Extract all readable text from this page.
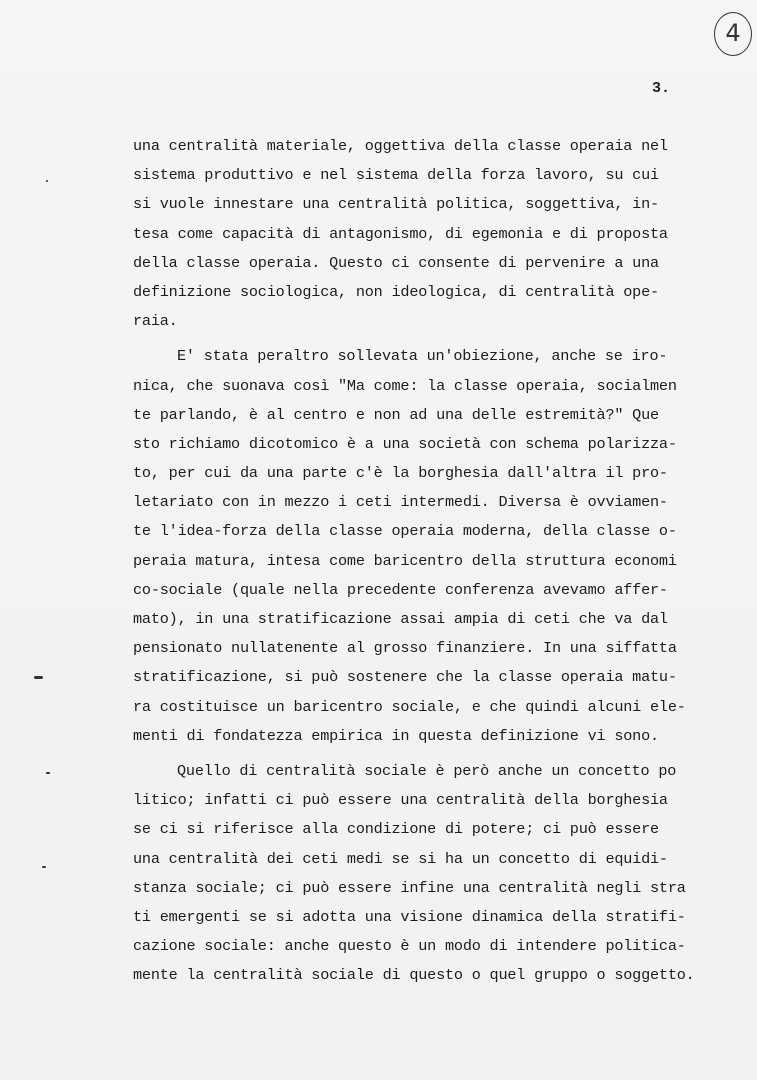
4
3.
una centralità materiale, oggettiva della classe operaia nel
sistema produttivo e nel sistema della forza lavoro, su cui
si vuole innestare una centralità politica, soggettiva, in-
tesa come capacità di antagonismo, di egemonia e di proposta
della classe operaia. Questo ci consente di pervenire a una
definizione sociologica, non ideologica, di centralità ope-
raia.
E' stata peraltro sollevata un'obiezione, anche se iro-
nica, che suonava così "Ma come: la classe operaia, socialmen
te parlando, è al centro e non ad una delle estremità?" Que
sto richiamo dicotomico è a una società con schema polarizza-
to, per cui da una parte c'è la borghesia dall'altra il pro-
letariato con in mezzo i ceti intermedi. Diversa è ovviamen-
te l'idea-forza della classe operaia moderna, della classe o-
peraia matura, intesa come baricentro della struttura economi
co-sociale (quale nella precedente conferenza avevamo affer-
mato), in una stratificazione assai ampia di ceti che va dal
pensionato nullatenente al grosso finanziere. In una siffatta
stratificazione, si può sostenere che la classe operaia matu-
ra costituisce un baricentro sociale, e che quindi alcuni ele-
menti di fondatezza empirica in questa definizione vi sono.
Quello di centralità sociale è però anche un concetto po
litico; infatti ci può essere una centralità della borghesia
se ci si riferisce alla condizione di potere; ci può essere
una centralità dei ceti medi se si ha un concetto di equidi-
stanza sociale; ci può essere infine una centralità negli stra
ti emergenti se si adotta una visione dinamica della stratifi-
cazione sociale: anche questo è un modo di intendere politica-
mente la centralità sociale di questo o quel gruppo o soggetto.
